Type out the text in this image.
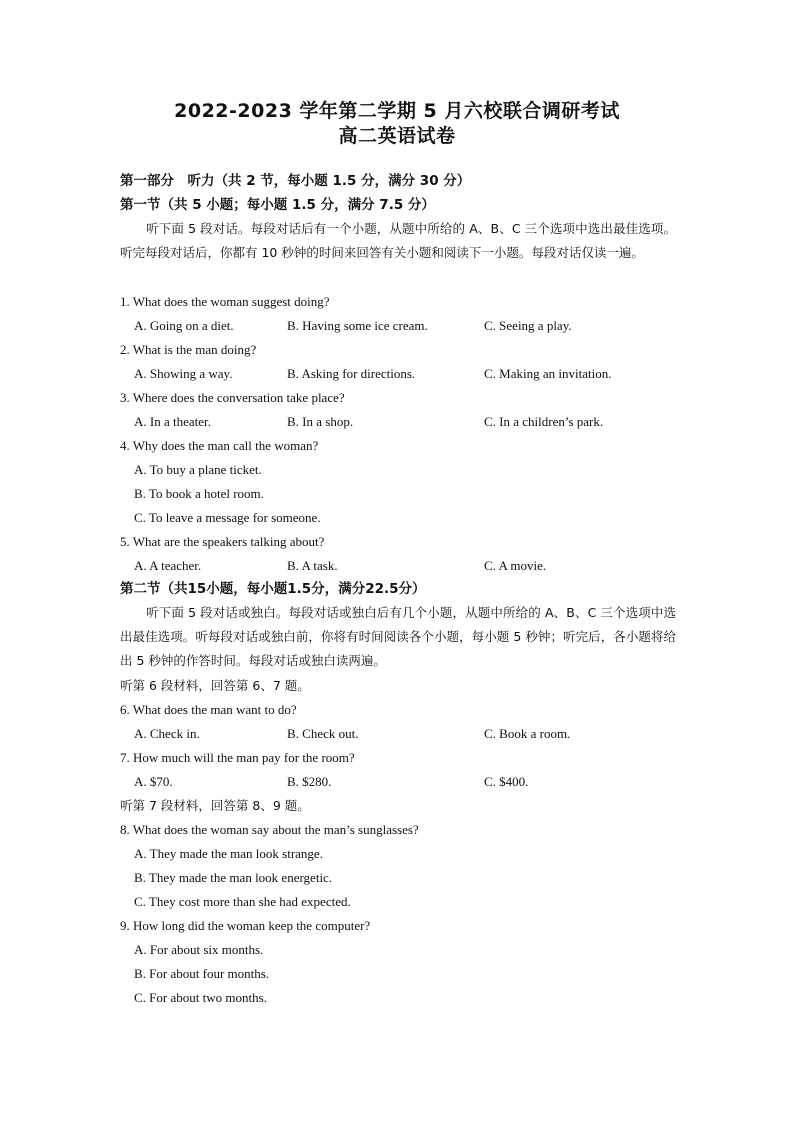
2022-2023 学年第二学期 5 月六校联合调研考试
高二英语试卷
第一部分　听力（共 2 节，每小题 1.5 分，满分 30 分）
第一节（共 5 小题；每小题 1.5 分，满分 7.5 分）
听下面 5 段对话。每段对话后有一个小题，从题中所给的 A、B、C 三个选项中选出最佳选项。听完每段对话后，你都有 10 秒钟的时间来回答有关小题和阅读下一小题。每段对话仅读一遍。
1. What does the woman suggest doing?
A. Going on a diet.	B. Having some ice cream.	C. Seeing a play.
2. What is the man doing?
A. Showing a way.	B. Asking for directions.	C. Making an invitation.
3. Where does the conversation take place?
A. In a theater.	B. In a shop.	C. In a children’s park.
4. Why does the man call the woman?
A. To buy a plane ticket.
B. To book a hotel room.
C. To leave a message for someone.
5. What are the speakers talking about?
A. A teacher.	B. A task.	C. A movie.
第二节（共15小题，每小题1.5分，满分22.5分）
听下面 5 段对话或独白。每段对话或独白后有几个小题，从题中所给的 A、B、C 三个选项中选出最佳选项。听每段对话或独白前，你将有时间阅读各个小题，每小题 5 秒钟；听完后，各小题将给出 5 秒钟的作答时间。每段对话或独白读两遍。
听第 6 段材料，回答第 6、7 题。
6. What does the man want to do?
A. Check in.	B. Check out.	C. Book a room.
7. How much will the man pay for the room?
A. $70.	B. $280.	C. $400.
听第 7 段材料，回答第 8、9 题。
8. What does the woman say about the man’s sunglasses?
A. They made the man look strange.
B. They made the man look energetic.
C. They cost more than she had expected.
9. How long did the woman keep the computer?
A. For about six months.
B. For about four months.
C. For about two months.
